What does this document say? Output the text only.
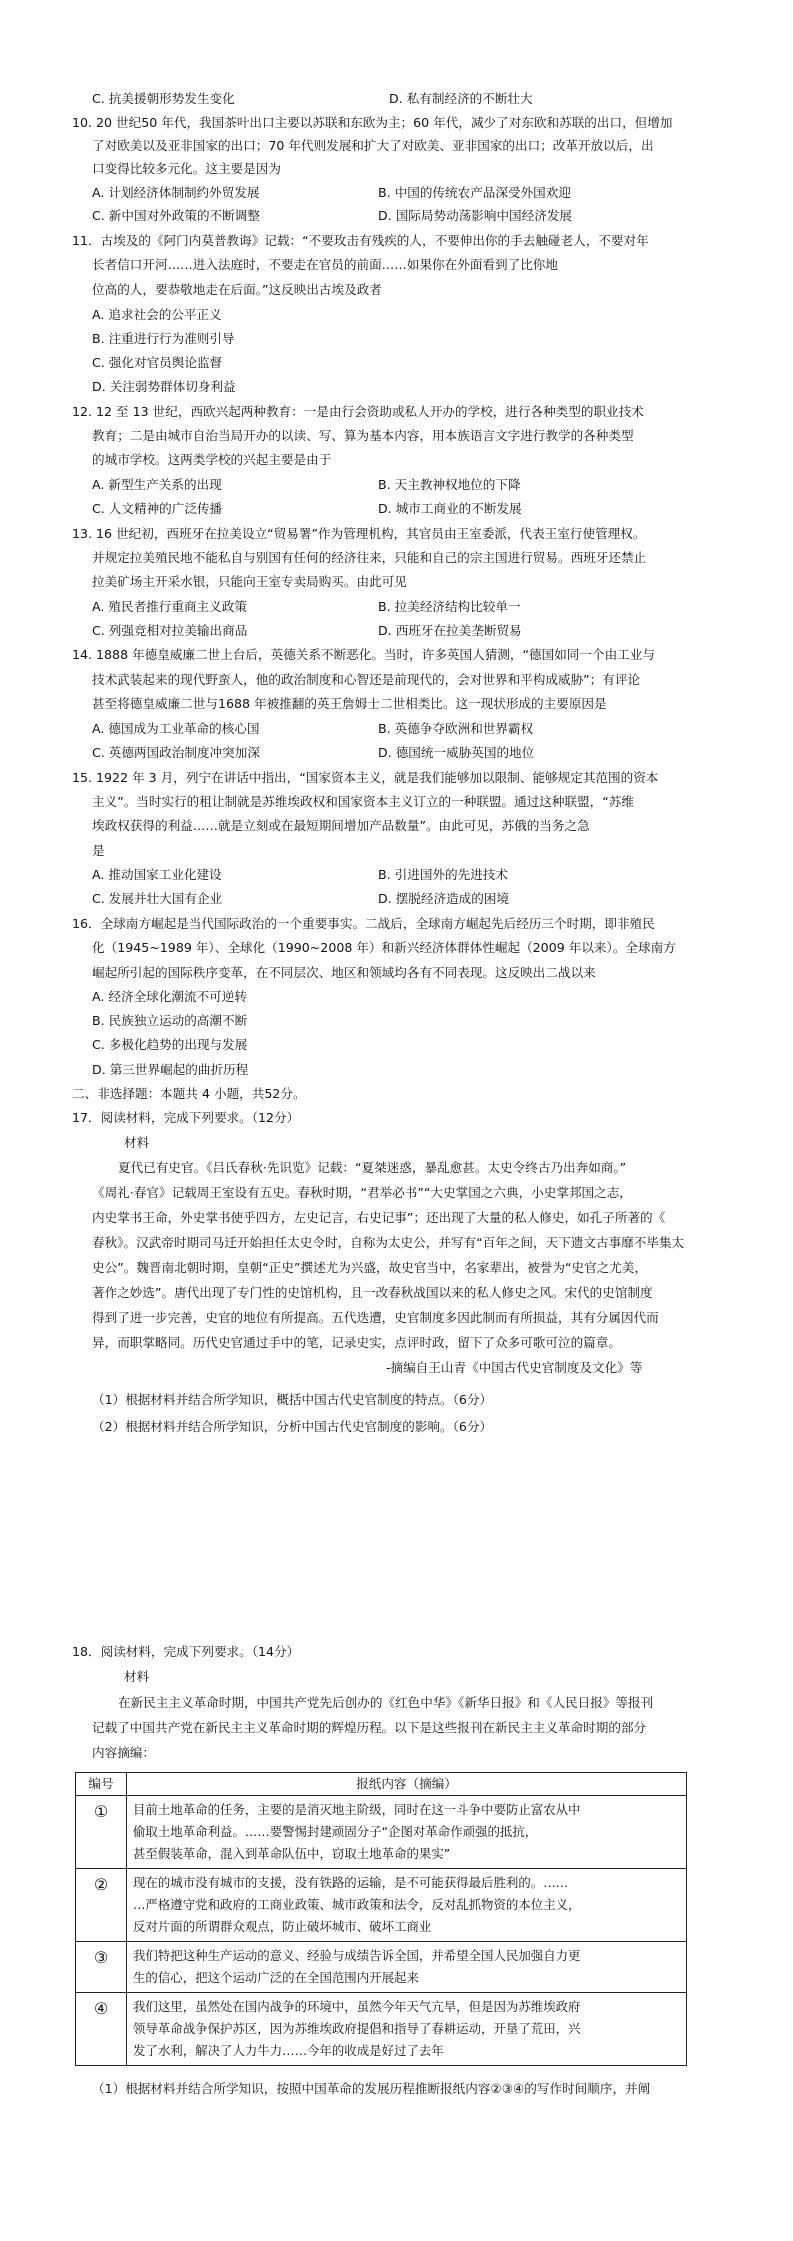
C. 抗美援朝形势发生变化	D. 私有制经济的不断壮大
10. 20 世纪50 年代，我国茶叶出口主要以苏联和东欧为主；60 年代，减少了对东欧和苏联的出口，但增加
了对欧美以及亚非国家的出口；70 年代则发展和扩大了对欧美、亚非国家的出口；改革开放以后，出
口变得比较多元化。这主要是因为
A. 计划经济体制制约外贸发展	B. 中国的传统农产品深受外国欢迎
C. 新中国对外政策的不断调整	D. 国际局势动荡影响中国经济发展
11．古埃及的《阿门内莫普教诲》记载：“不要玫击有残疾的人，不要伸出你的手去触碰老人，不要对年
长者信口开河……进入法庭时，不要走在官员的前面……如果你在外面看到了比你地
位高的人，要恭敬地走在后面。”这反映出古埃及政者
A. 追求社会的公平正义
B. 注重进行行为准则引导
C. 强化对官员舆论监督
D. 关注弱势群体切身利益
12. 12 至 13 世纪，西欧兴起两种教育：一是由行会资助或私人开办的学校，进行各种类型的职业技术
教育；二是由城市自治当局开办的以读、写、算为基本内容，用本族语言文字进行教学的各种类型
的城市学校。这两类学校的兴起主要是由于
A. 新型生产关系的出现	B. 天主教神权地位的下降
C. 人文精神的广泛传播	D. 城市工商业的不断发展
13. 16 世纪初，西班牙在拉美设立“贸易署”作为管理机构，其官员由王室委派，代表王室行使管理权。
并规定拉美殖民地不能私自与别国有任何的经济往来，只能和自己的宗主国进行贸易。西班牙还禁止
拉美矿场主开采水银，只能向王室专卖局购买。由此可见
A. 殖民者推行重商主义政策	B. 拉美经济结构比较单一
C. 列强竞相对拉美输出商品	D. 西班牙在拉美垄断贸易
14. 1888 年德皇威廉二世上台后，英德关系不断恶化。当时，许多英国人猜测，“德国如同一个由工业与
技术武装起来的现代野蛮人，他的政治制度和心智还是前现代的，会对世界和平构成威胁”；有评论
甚至将德皇威廉二世与1688 年被推翻的英王詹姆士二世相类比。这一现状形成的主要原因是
A. 德国成为工业革命的核心国	B. 英德争夺欧洲和世界霸权
C. 英德两国政治制度冲突加深	D. 德国统一威胁英国的地位
15. 1922 年 3 月，列宁在讲话中指出，“国家资本主义，就是我们能够加以限制、能够规定其范围的资本
主义”。当时实行的租让制就是苏维埃政权和国家资本主义订立的一种联盟。通过这种联盟，“苏维
埃政权获得的利益……就是立刻或在最短期间增加产品数量”。由此可见，苏俄的当务之急
是
A. 推动国家工业化建设	B. 引进国外的先进技术
C. 发展并壮大国有企业	D. 摆脱经济造成的困境
16．全球南方崛起是当代国际政治的一个重要事实。二战后，全球南方崛起先后经历三个时期，即非殖民
化（1945~1989 年）、全球化（1990~2008 年）和新兴经济体群体性崛起（2009 年以来）。全球南方
崛起所引起的国际秩序变革，在不同层次、地区和领域均各有不同表现。这反映出二战以来
A. 经济全球化潮流不可逆转
B. 民族独立运动的高潮不断
C. 多极化趋势的出现与发展
D. 第三世界崛起的曲折历程
二、非选择题：本题共 4 小题，共52分。
17．阅读材料，完成下列要求。（12分）
材料
夏代已有史官。《吕氏春秋·先识览》记载：“夏桀迷惑，暴乱愈甚。太史令终古乃出奔如商。”
《周礼·春官》记载周王室设有五史。春秋时期，“君举必书”“大史掌国之六典，小史掌邦国之志，
内史掌书王命，外史掌书使乎四方，左史记言，右史记事”；还出现了大量的私人修史，如孔子所著的《
春秋》。汉武帝时期司马迁开始担任太史令时，自称为太史公，并写有“百年之间，天下遗文古事靡不毕集太
史公”。魏晋南北朝时期，皇朝“正史”撰述尤为兴盛，故史官当中，名家辈出，被誉为“史官之尤美，
著作之妙选”。唐代出现了专门性的史馆机构，且一改春秋战国以来的私人修史之风。宋代的史馆制度
得到了进一步完善，史官的地位有所提高。五代迭遭，史官制度多因此制而有所损益，其有分属因代而
异，而职掌略同。历代史官通过手中的笔，记录史实，点评时政，留下了众多可歌可泣的篇章。
-摘编自王山青《中国古代史官制度及文化》等
（1）根据材料并结合所学知识，概括中国古代史官制度的特点。（6分）
（2）根据材料并结合所学知识，分析中国古代史官制度的影响。（6分）
18．阅读材料，完成下列要求。（14分）
材料
在新民主主义革命时期，中国共产党先后创办的《红色中华》《新华日报》和《人民日报》等报刊
记载了中国共产党在新民主主义革命时期的辉煌历程。以下是这些报刊在新民主主义革命时期的部分
内容摘编：
编号	报纸内容（摘编）
①	目前土地革命的任务，主要的是消灭地主阶级，同时在这一斗争中要防止富农从中
偷取土地革命利益。……要警惕封建顽固分子“企图对革命作顽强的抵抗，
甚至假装革命，混入到革命队伍中，窃取土地革命的果实”

②	现在的城市没有城市的支援，没有铁路的运输，是不可能获得最后胜利的。……
…严格遵守党和政府的工商业政策、城市政策和法令，反对乱抓物资的本位主义，
反对片面的所谓群众观点，防止破坏城市、破坏工商业

③	我们特把这种生产运动的意义、经验与成绩告诉全国，并希望全国人民加强自力更
生的信心，把这个运动广泛的在全国范围内开展起来

④	我们这里，虽然处在国内战争的环境中，虽然今年天气亢旱，但是因为苏维埃政府
领导革命战争保护苏区，因为苏维埃政府提倡和指导了春耕运动，开垦了荒田，兴
发了水利，解决了人力牛力……今年的收成是好过了去年
（1）根据材料并结合所学知识，按照中国革命的发展历程推断报纸内容②③④的写作时间顺序，并阐
